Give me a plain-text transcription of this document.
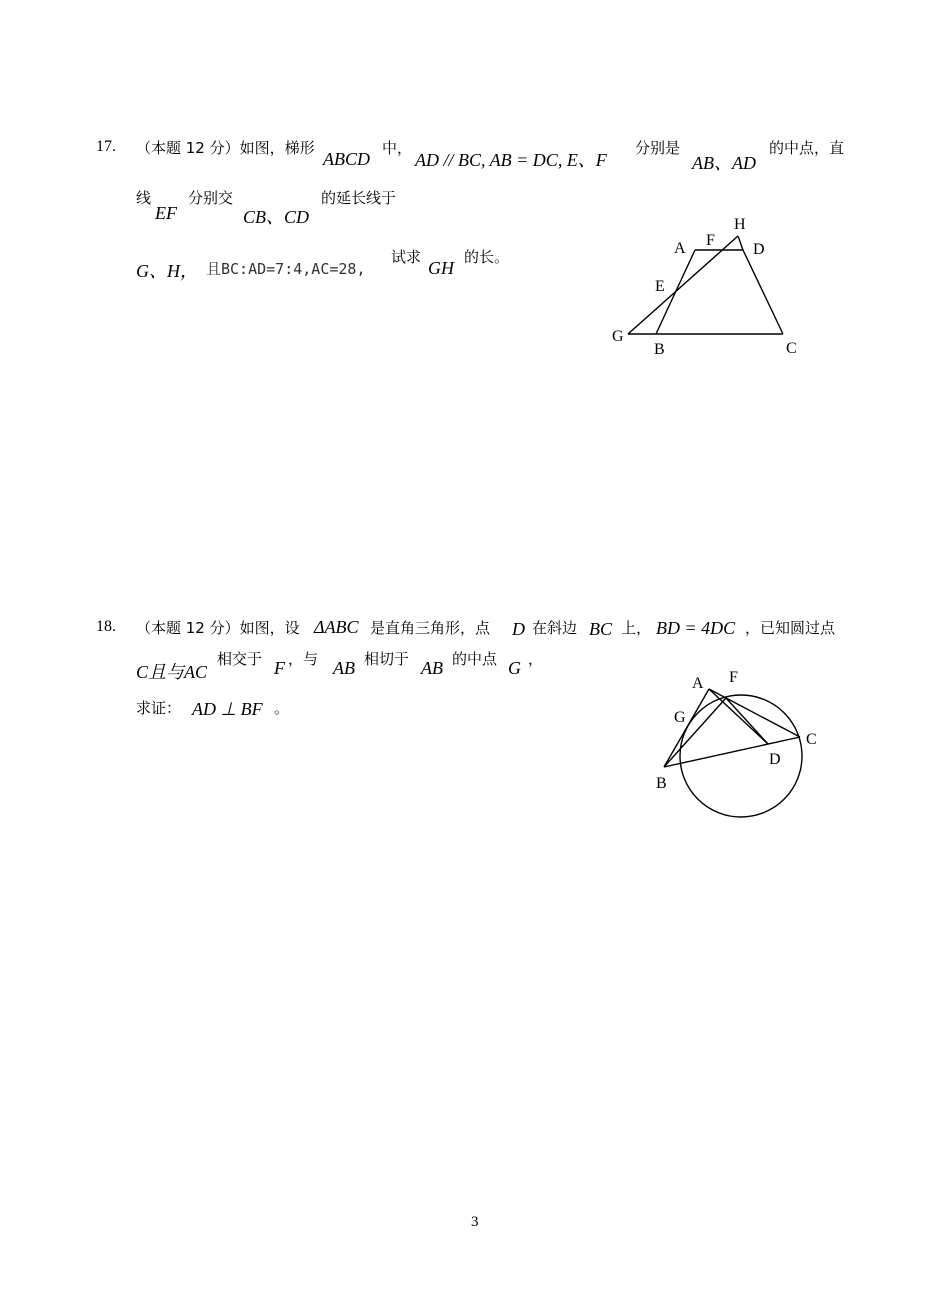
17. （本题 12 分）如图，梯形
ABCD
中，
AD // BC, AB = DC, E、F
分别是
AB、AD
的中点，直
线
EF
分别交
CB、CD
的延长线于
G、H， 且BC:AD=7:4,AC=28,
试求
GH
的长。	A F
H
D
E
G
B	C
18. （本题 12 分）如图，设 ΔABC 是直角三角形，点 D 在斜边 BC 上， BD = 4DC ，已知圆过点
C且与AC
相交于 F ，与 AB 相切于 AB 的中点 G ，
求证： AD ⊥ BF 。
A F
G
C
D
B
3
